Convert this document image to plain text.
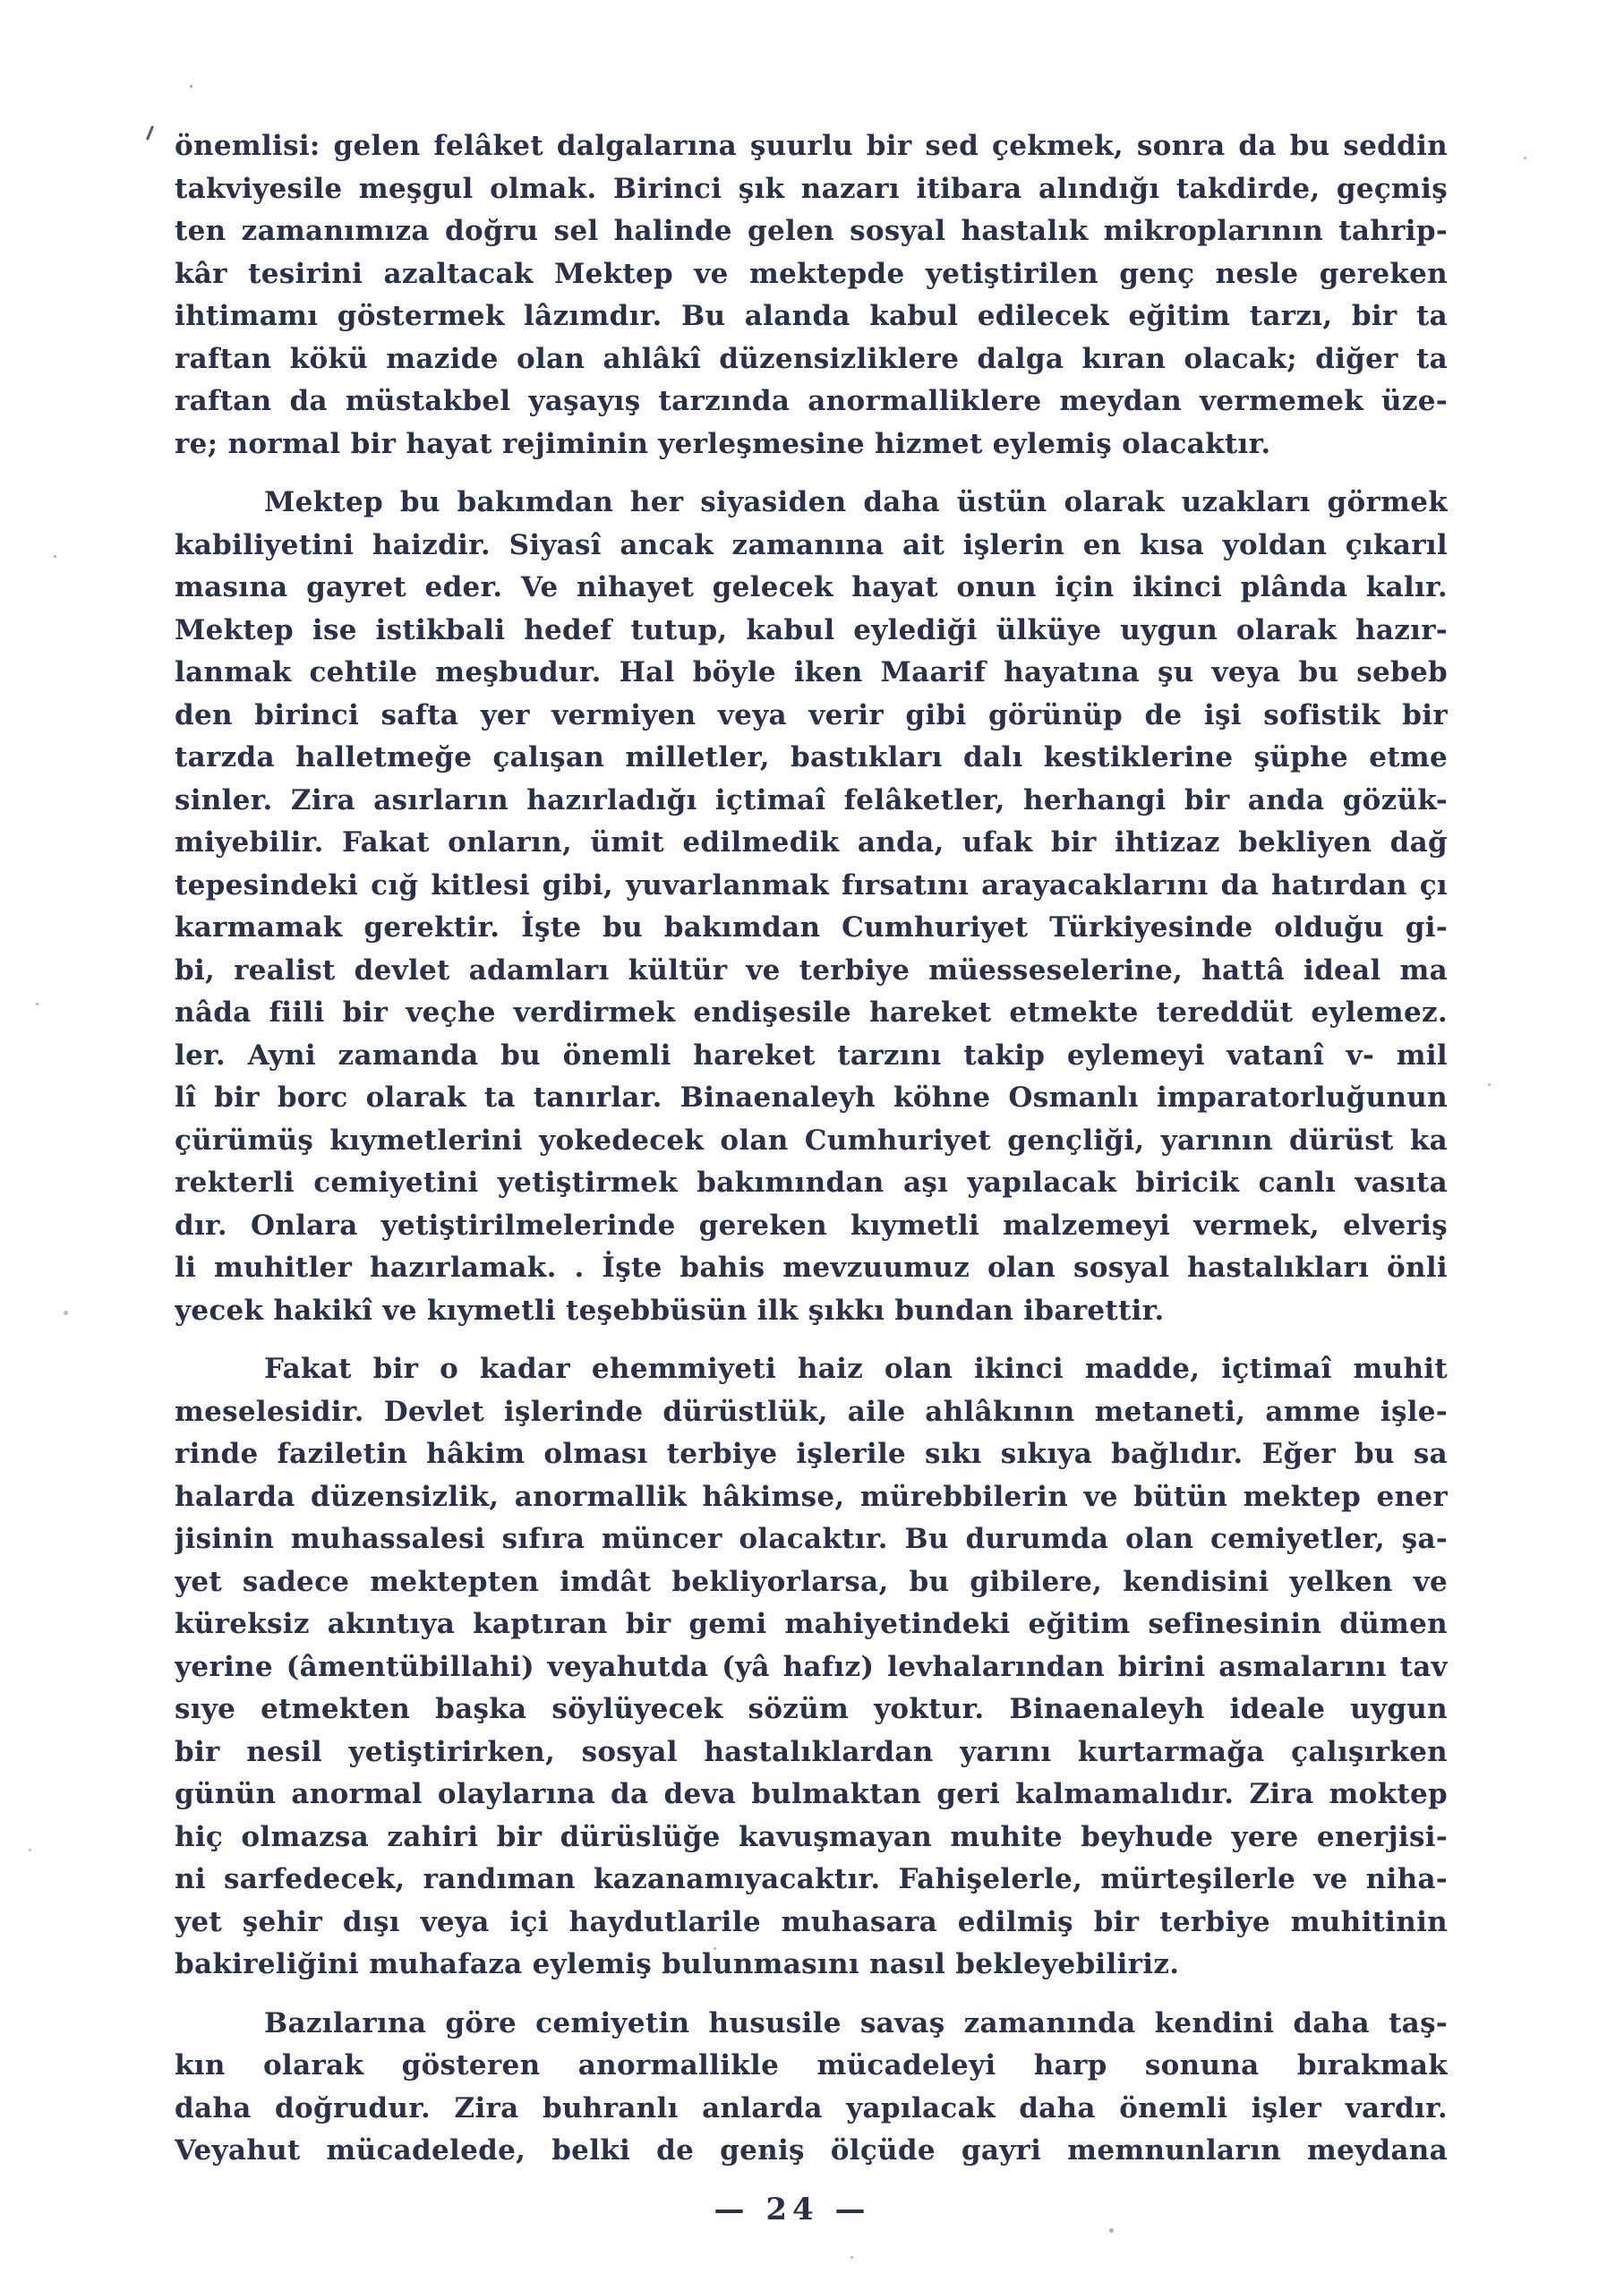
önemlisi: gelen felâket dalgalarına şuurlu bir sed çekmek, sonra da bu seddin
takviyesile meşgul olmak. Birinci şık nazarı itibara alındığı takdirde, geçmiş
ten zamanımıza doğru sel halinde gelen sosyal hastalık mikroplarının tahrip-
kâr tesirini azaltacak Mektep ve mektepde yetiştirilen genç nesle gereken
ihtimamı göstermek lâzımdır. Bu alanda kabul edilecek eğitim tarzı, bir ta
raftan kökü mazide olan ahlâkî düzensizliklere dalga kıran olacak; diğer ta
raftan da müstakbel yaşayış tarzında anormalliklere meydan vermemek üze-
re; normal bir hayat rejiminin yerleşmesine hizmet eylemiş olacaktır.

Mektep bu bakımdan her siyasiden daha üstün olarak uzakları görmek
kabiliyetini haizdir. Siyasî ancak zamanına ait işlerin en kısa yoldan çıkarıl
masına gayret eder. Ve nihayet gelecek hayat onun için ikinci plânda kalır.
Mektep ise istikbali hedef tutup, kabul eylediği ülküye uygun olarak hazır-
lanmak cehtile meşbudur. Hal böyle iken Maarif hayatına şu veya bu sebeb
den birinci safta yer vermiyen veya verir gibi görünüp de işi sofistik bir
tarzda halletmeğe çalışan milletler, bastıkları dalı kestiklerine şüphe etme
sinler. Zira asırların hazırladığı içtimaî felâketler, herhangi bir anda gözük-
miyebilir. Fakat onların, ümit edilmedik anda, ufak bir ihtizaz bekliyen dağ
tepesindeki cığ kitlesi gibi, yuvarlanmak fırsatını arayacaklarını da hatırdan çı
karmamak gerektir. İşte bu bakımdan Cumhuriyet Türkiyesinde olduğu gi-
bi, realist devlet adamları kültür ve terbiye müesseselerine, hattâ ideal ma
nâda fiili bir veçhe verdirmek endişesile hareket etmekte tereddüt eylemez.
ler. Ayni zamanda bu önemli hareket tarzını takip eylemeyi vatanî v- mil
lî bir borc olarak ta tanırlar. Binaenaleyh köhne Osmanlı imparatorluğunun
çürümüş kıymetlerini yokedecek olan Cumhuriyet gençliği, yarının dürüst ka
rekterli cemiyetini yetiştirmek bakımından aşı yapılacak biricik canlı vasıta
dır. Onlara yetiştirilmelerinde gereken kıymetli malzemeyi vermek, elveriş
li muhitler hazırlamak. . İşte bahis mevzuumuz olan sosyal hastalıkları önli
yecek hakikî ve kıymetli teşebbüsün ilk şıkkı bundan ibarettir.

Fakat bir o kadar ehemmiyeti haiz olan ikinci madde, içtimaî muhit
meselesidir. Devlet işlerinde dürüstlük, aile ahlâkının metaneti, amme işle-
rinde faziletin hâkim olması terbiye işlerile sıkı sıkıya bağlıdır. Eğer bu sa
halarda düzensizlik, anormallik hâkimse, mürebbilerin ve bütün mektep ener
jisinin muhassalesi sıfıra müncer olacaktır. Bu durumda olan cemiyetler, şa-
yet sadece mektepten imdât bekliyorlarsa, bu gibilere, kendisini yelken ve
küreksiz akıntıya kaptıran bir gemi mahiyetindeki eğitim sefinesinin dümen
yerine (âmentübillahi) veyahutda (yâ hafız) levhalarından birini asmalarını tav
sıye etmekten başka söylüyecek sözüm yoktur. Binaenaleyh ideale uygun
bir nesil yetiştirirken, sosyal hastalıklardan yarını kurtarmağa çalışırken
günün anormal olaylarına da deva bulmaktan geri kalmamalıdır. Zira moktep
hiç olmazsa zahiri bir dürüslüğe kavuşmayan muhite beyhude yere enerjisi-
ni sarfedecek, randıman kazanamıyacaktır. Fahişelerle, mürteşilerle ve niha-
yet şehir dışı veya içi haydutlarile muhasara edilmiş bir terbiye muhitinin
bakireliğini muhafaza eylemiş bulunmasını nasıl bekleyebiliriz.

Bazılarına göre cemiyetin hususile savaş zamanında kendini daha taş-
kın olarak gösteren anormallikle mücadeleyi harp sonuna bırakmak
daha doğrudur. Zira buhranlı anlarda yapılacak daha önemli işler vardır.
Veyahut mücadelede, belki de geniş ölçüde gayri memnunların meydana

— 24 —
